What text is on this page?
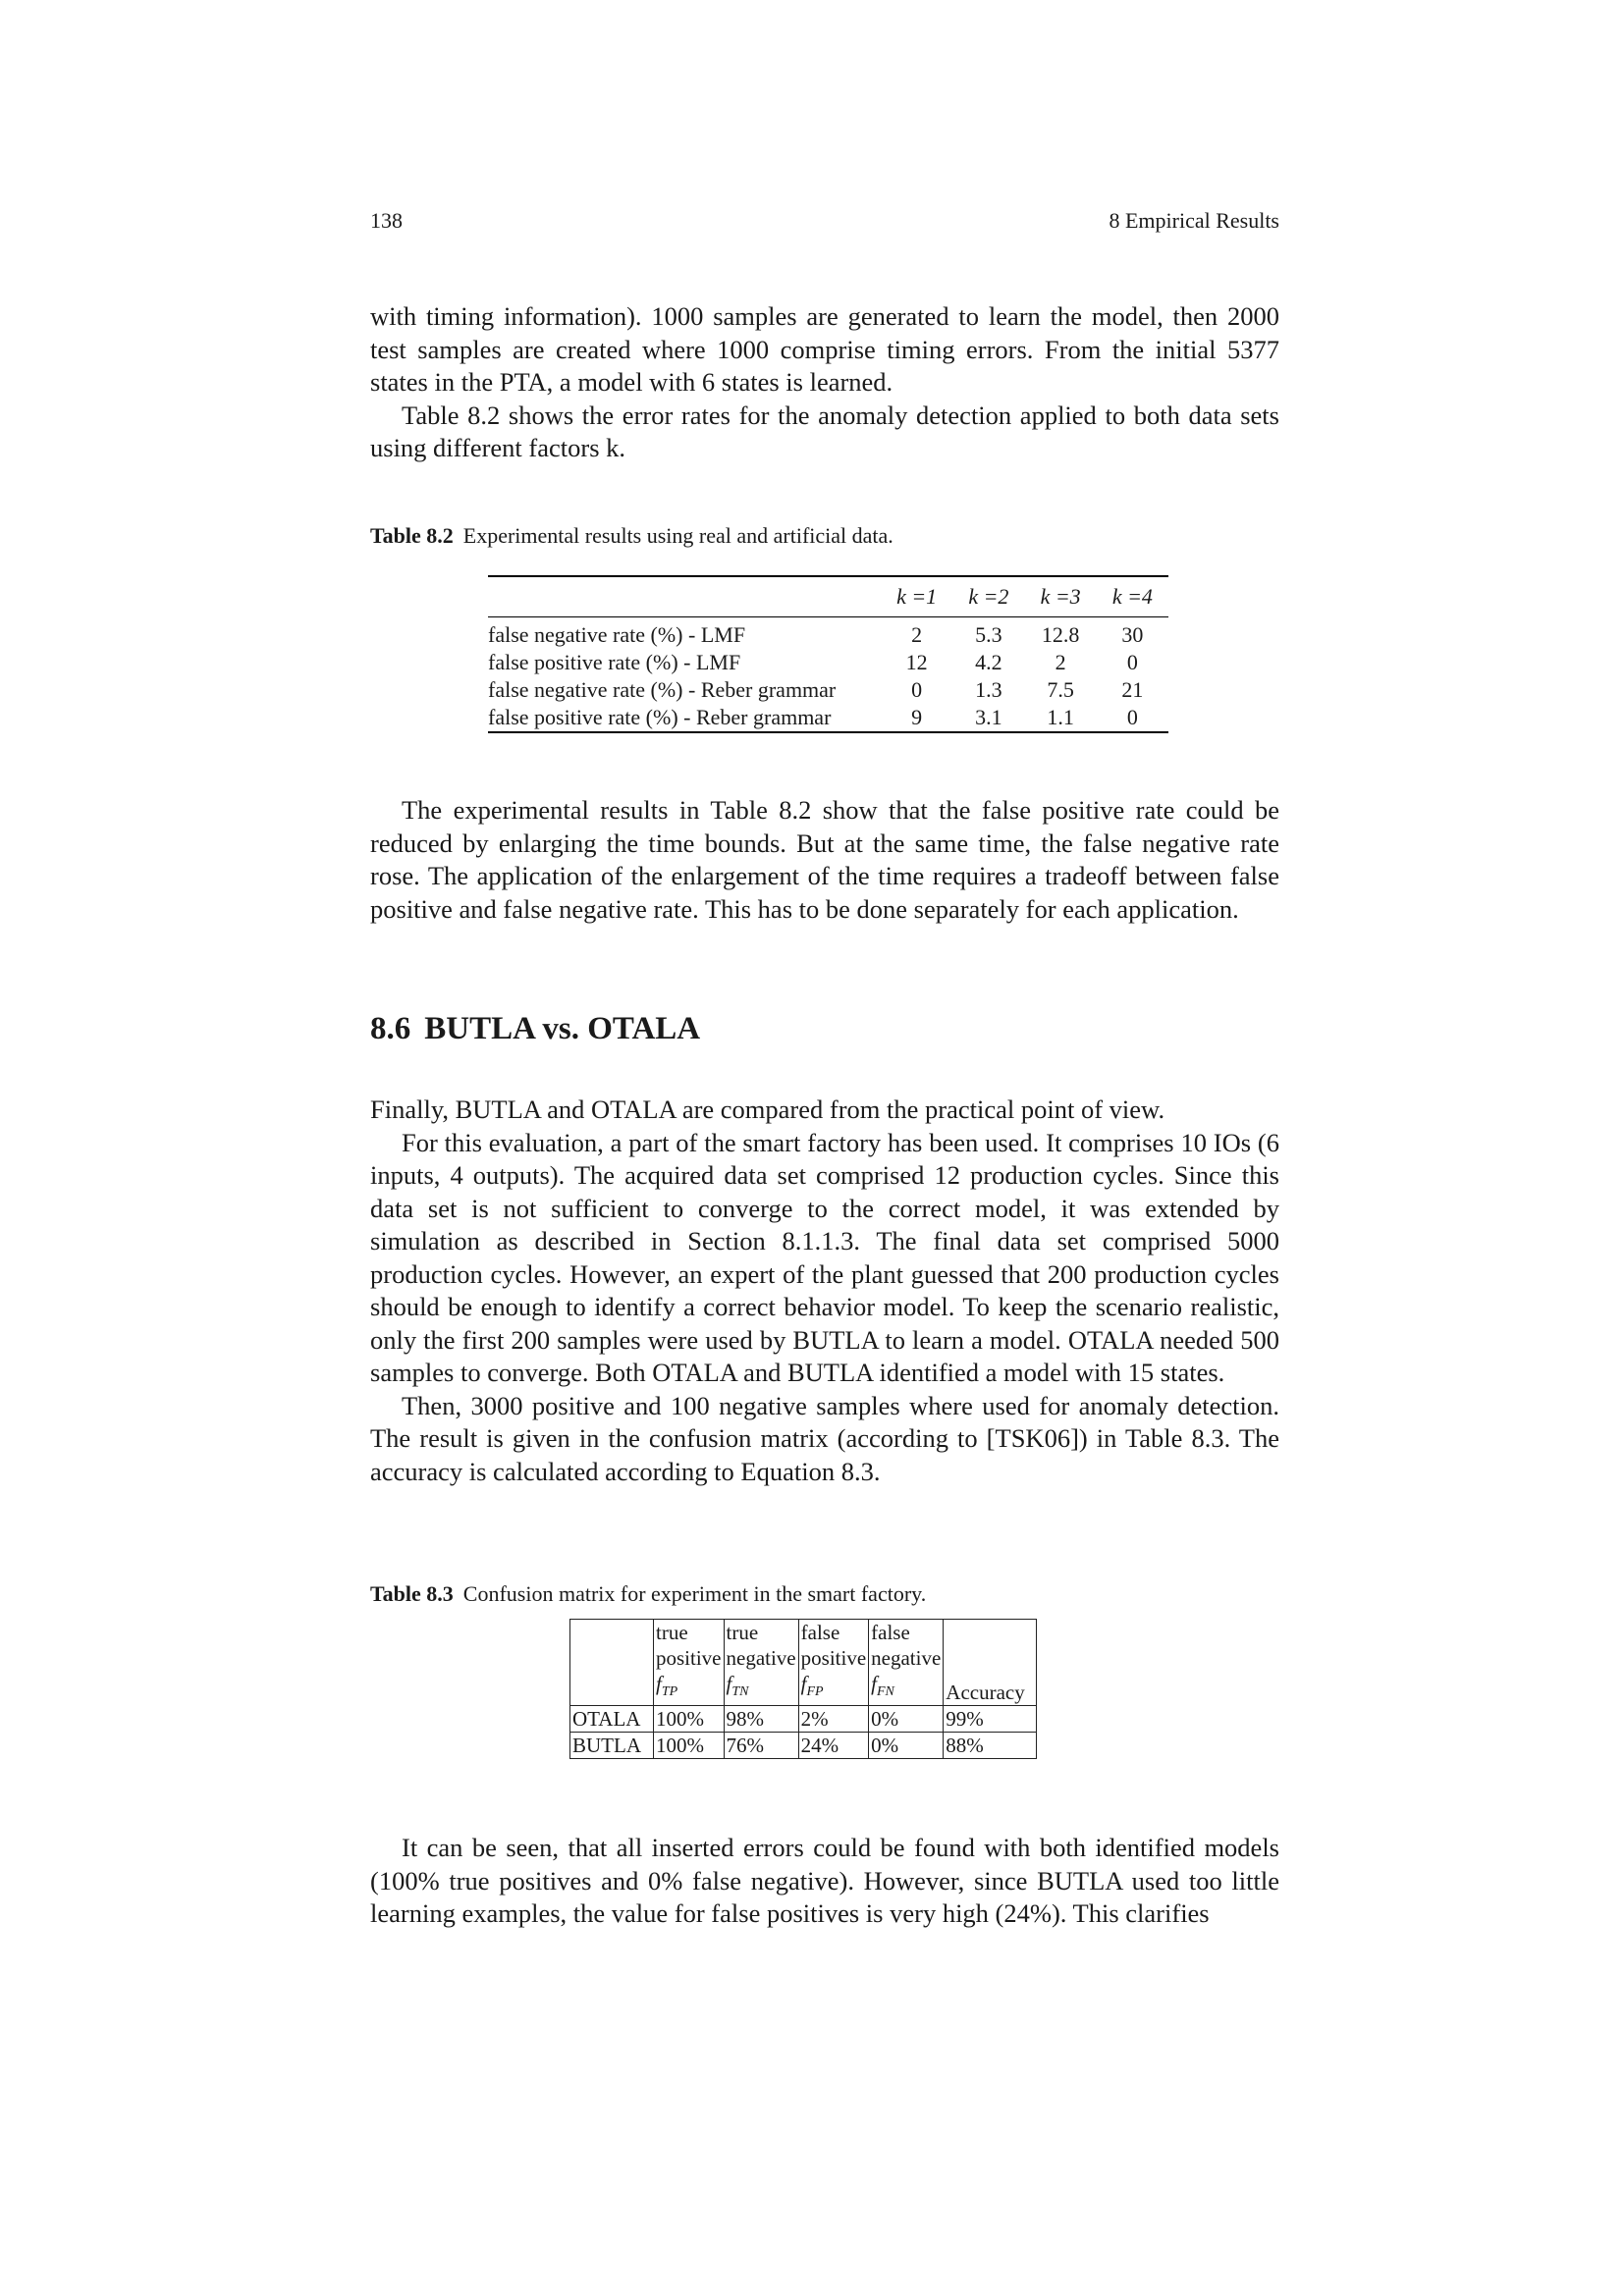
138	8 Empirical Results

with timing information). 1000 samples are generated to learn the model, then 2000 test samples are created where 1000 comprise timing errors. From the initial 5377 states in the PTA, a model with 6 states is learned.

Table 8.2 shows the error rates for the anomaly detection applied to both data sets using different factors k.

Table 8.2 Experimental results using real and artificial data.
	k =1	k =2	k =3	k =4
false negative rate (%) - LMF	2	5.3	12.8	30
false positive rate (%) - LMF	12	4.2	2	0
false negative rate (%) - Reber grammar	0	1.3	7.5	21
false positive rate (%) - Reber grammar	9	3.1	1.1	0

The experimental results in Table 8.2 show that the false positive rate could be reduced by enlarging the time bounds. But at the same time, the false negative rate rose. The application of the enlargement of the time requires a tradeoff between false positive and false negative rate. This has to be done separately for each application.

8.6 BUTLA vs. OTALA

Finally, BUTLA and OTALA are compared from the practical point of view.

For this evaluation, a part of the smart factory has been used. It comprises 10 IOs (6 inputs, 4 outputs). The acquired data set comprised 12 production cycles. Since this data set is not sufficient to converge to the correct model, it was extended by simulation as described in Section 8.1.1.3. The final data set comprised 5000 production cycles. However, an expert of the plant guessed that 200 production cycles should be enough to identify a correct behavior model. To keep the scenario realistic, only the first 200 samples were used by BUTLA to learn a model. OTALA needed 500 samples to converge. Both OTALA and BUTLA identified a model with 15 states.

Then, 3000 positive and 100 negative samples where used for anomaly detection. The result is given in the confusion matrix (according to [TSK06]) in Table 8.3. The accuracy is calculated according to Equation 8.3.

Table 8.3 Confusion matrix for experiment in the smart factory.
	true
positive
$f_{TP}$	true
negative
$f_{TN}$	false
positive
$f_{FP}$	false
negative
$f_{FN}$	Accuracy
OTALA	100%	98%	2%	0%	99%
BUTLA	100%	76%	24%	0%	88%

It can be seen, that all inserted errors could be found with both identified models (100% true positives and 0% false negative). However, since BUTLA used too little learning examples, the value for false positives is very high (24%). This clarifies
